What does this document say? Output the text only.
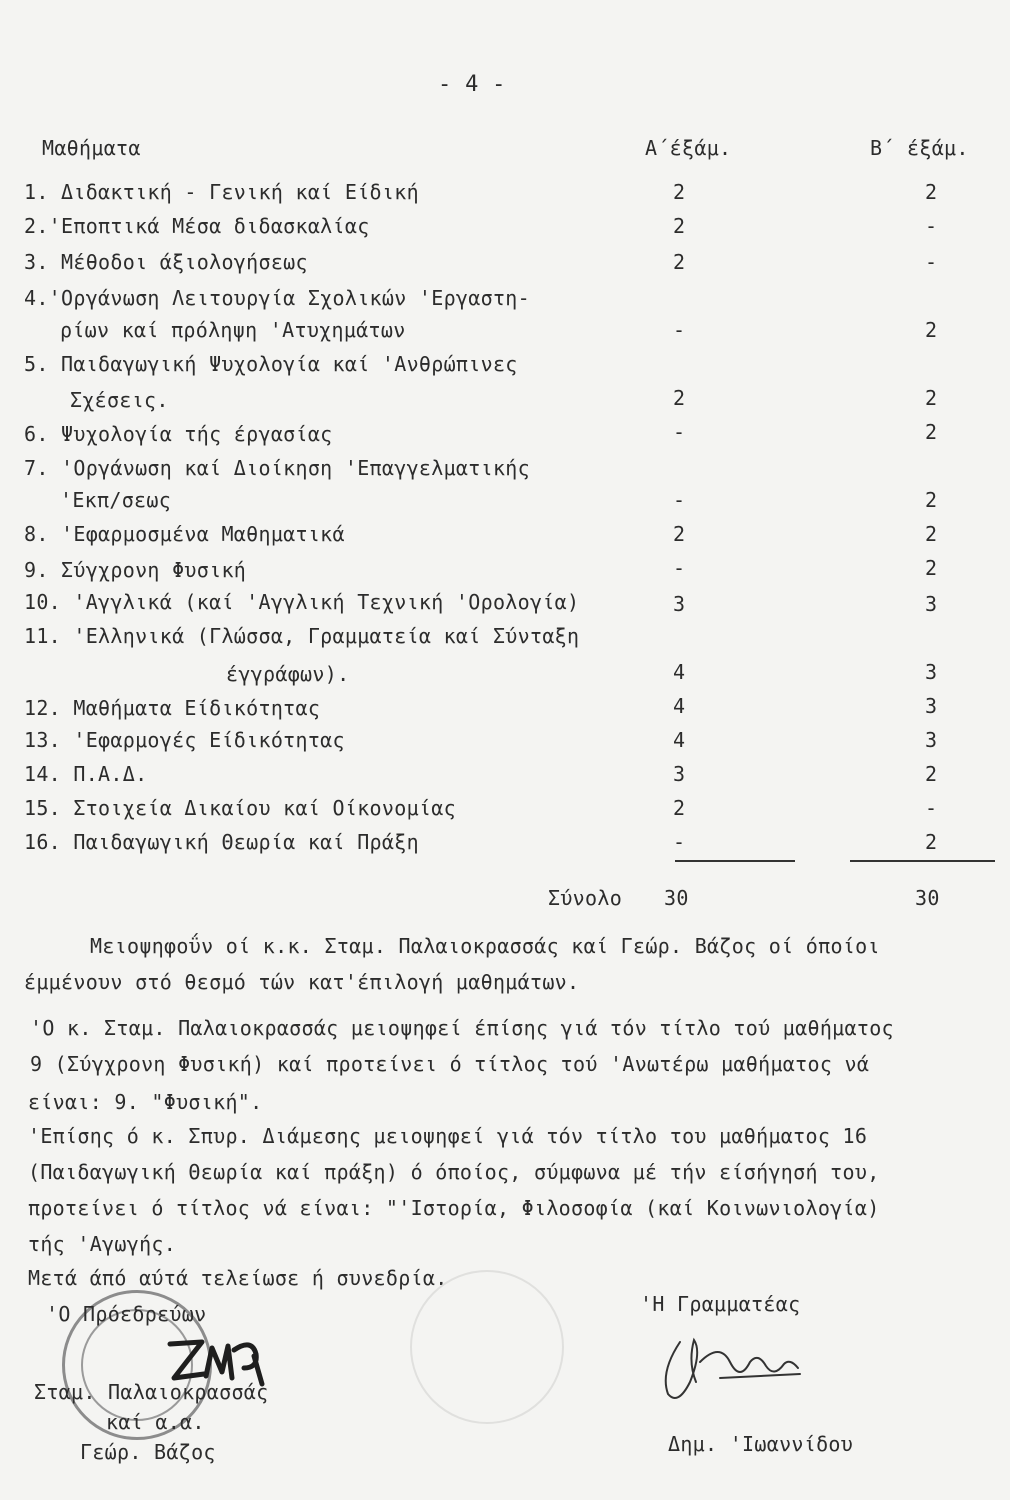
- 4 -
Μαθήματα	Α΄έξάμ.	Β΄ έξάμ.
1. Διδακτική - Γενική καί Είδική	2	2
2.'Εποπτικά Μέσα διδασκαλίας	2	-
3. Μέθοδοι άξιολογήσεως	2	-
4.'Οργάνωση Λειτουργία Σχολικών 'Εργαστη-
ρίων καί πρόληψη 'Ατυχημάτων	-	2
5. Παιδαγωγική Ψυχολογία καί 'Ανθρώπινες
Σχέσεις.	2	2
6. Ψυχολογία τής έργασίας	-	2
7. 'Οργάνωση καί Διοίκηση 'Επαγγελματικής
'Εκπ/σεως	-	2
8. 'Εφαρμοσμένα Μαθηματικά	2	2
9. Σύγχρονη Φυσική	-	2
10. 'Αγγλικά (καί 'Αγγλική Τεχνική 'Ορολογία)	3	3
11. 'Ελληνικά (Γλώσσα, Γραμματεία καί Σύνταξη
έγγράφων).	4	3
12. Μαθήματα Είδικότητας	4	3
13. 'Εφαρμογές Είδικότητας	4	3
14. Π.Α.Δ.	3	2
15. Στοιχεία Δικαίου καί Οίκονομίας	2	-
16. Παιδαγωγική Θεωρία καί Πράξη	-	2
Σύνολο 30	30
Μειοψηφοΰν οί κ.κ. Σταμ. Παλαιοκρασσάς καί Γεώρ. Βάζος οί όποίοι
έμμένουν στό θεσμό τών κατ'έπιλογή μαθημάτων.
'Ο κ. Σταμ. Παλαιοκρασσάς μειοψηφεί έπίσης γιά τόν τίτλο τού μαθήματος
9 (Σύγχρονη Φυσική) καί προτείνει ό τίτλος τού 'Ανωτέρω μαθήματος νά
είναι: 9. "Φυσική".
'Επίσης ό κ. Σπυρ. Διάμεσης μειοψηφεί γιά τόν τίτλο του μαθήματος 16
(Παιδαγωγική Θεωρία καί πράξη) ό όποίος, σύμφωνα μέ τήν είσήγησή του,
προτείνει ό τίτλος νά είναι: "'Ιστορία, Φιλοσοφία (καί Κοινωνιολογία)
τής 'Αγωγής.
Μετά άπό αύτά τελείωσε ή συνεδρία.
'Ο Πρόεδρεύων
Σταμ. Παλαιοκρασσάς
καί α.α.
Γεώρ. Βάζος
'Η Γραμματέας
Δημ. 'Ιωαννίδου
